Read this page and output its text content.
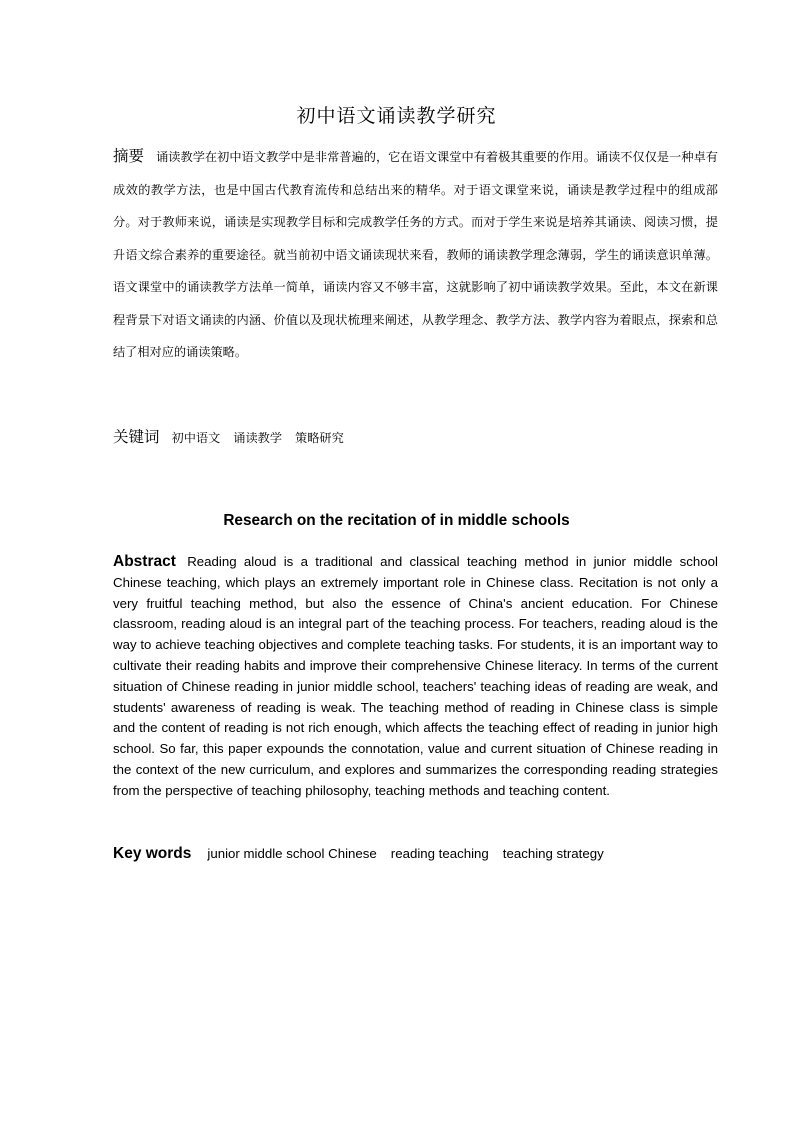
初中语文诵读教学研究
摘要 诵读教学在初中语文教学中是非常普遍的，它在语文课堂中有着极其重要的作用。诵读不仅仅是一种卓有成效的教学方法，也是中国古代教育流传和总结出来的精华。对于语文课堂来说，诵读是教学过程中的组成部分。对于教师来说，诵读是实现教学目标和完成教学任务的方式。而对于学生来说是培养其诵读、阅读习惯，提升语文综合素养的重要途径。就当前初中语文诵读现状来看，教师的诵读教学理念薄弱，学生的诵读意识单薄。语文课堂中的诵读教学方法单一简单，诵读内容又不够丰富，这就影响了初中诵读教学效果。至此，本文在新课程背景下对语文诵读的内涵、价值以及现状梳理来阐述，从教学理念、教学方法、教学内容为着眼点，探索和总结了相对应的诵读策略。
关键词 初中语文 诵读教学 策略研究
Research on the recitation of in middle schools
Abstract Reading aloud is a traditional and classical teaching method in junior middle school Chinese teaching, which plays an extremely important role in Chinese class. Recitation is not only a very fruitful teaching method, but also the essence of China's ancient education. For Chinese classroom, reading aloud is an integral part of the teaching process. For teachers, reading aloud is the way to achieve teaching objectives and complete teaching tasks. For students, it is an important way to cultivate their reading habits and improve their comprehensive Chinese literacy. In terms of the current situation of Chinese reading in junior middle school, teachers' teaching ideas of reading are weak, and students' awareness of reading is weak. The teaching method of reading in Chinese class is simple and the content of reading is not rich enough, which affects the teaching effect of reading in junior high school. So far, this paper expounds the connotation, value and current situation of Chinese reading in the context of the new curriculum, and explores and summarizes the corresponding reading strategies from the perspective of teaching philosophy, teaching methods and teaching content.
Key words junior middle school Chinese reading teaching teaching strategy
